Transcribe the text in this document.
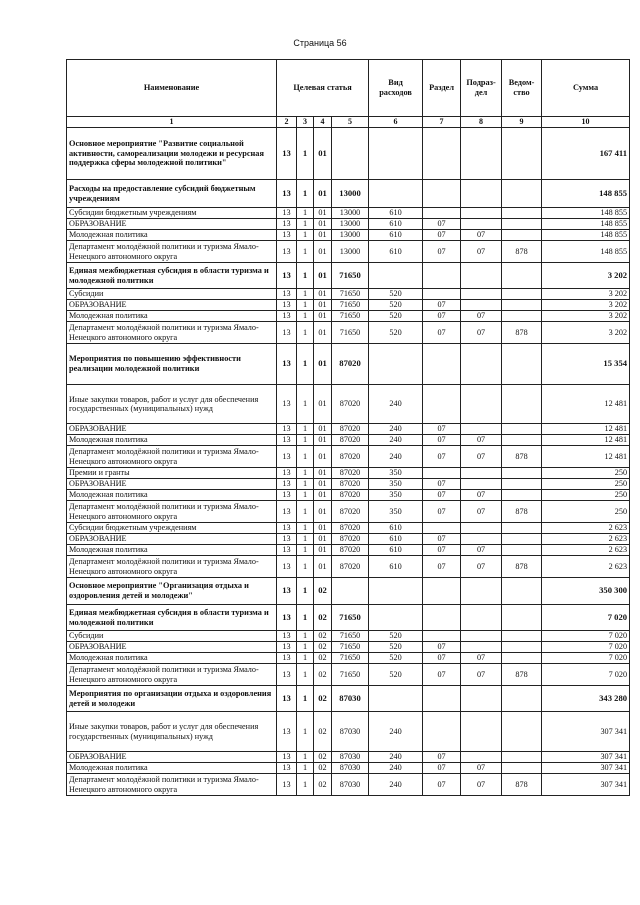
Страница 56
Наименование	Целевая статья				Вид расходов	Раздел	Подраз-дел	Ведом-ство	Сумма
1	2	3	4	5	6	7	8	9	10
Основное мероприятие "Развитие социальной активности, самореализации молодежи и ресурсная поддержка сферы молодежной политики"	13	1	01						167 411
Расходы на предоставление субсидий бюджетным учреждениям	13	1	01	13000					148 855
Субсидии бюджетным учреждениям	13	1	01	13000	610				148 855
ОБРАЗОВАНИЕ	13	1	01	13000	610	07			148 855
Молодежная политика	13	1	01	13000	610	07	07		148 855
Департамент молодёжной политики и туризма Ямало-Ненецкого автономного округа	13	1	01	13000	610	07	07	878	148 855
Единая межбюджетная субсидия в области туризма и молодежной политики	13	1	01	71650					3 202
Субсидии	13	1	01	71650	520				3 202
ОБРАЗОВАНИЕ	13	1	01	71650	520	07			3 202
Молодежная политика	13	1	01	71650	520	07	07		3 202
Департамент молодёжной политики и туризма Ямало-Ненецкого автономного округа	13	1	01	71650	520	07	07	878	3 202
Мероприятия по повышению эффективности реализации молодежной политики	13	1	01	87020					15 354
Иные закупки товаров, работ и услуг для обеспечения государственных (муниципальных) нужд	13	1	01	87020	240				12 481
ОБРАЗОВАНИЕ	13	1	01	87020	240	07			12 481
Молодежная политика	13	1	01	87020	240	07	07		12 481
Департамент молодёжной политики и туризма Ямало-Ненецкого автономного округа	13	1	01	87020	240	07	07	878	12 481
Премии и гранты	13	1	01	87020	350				250
ОБРАЗОВАНИЕ	13	1	01	87020	350	07			250
Молодежная политика	13	1	01	87020	350	07	07		250
Департамент молодёжной политики и туризма Ямало-Ненецкого автономного округа	13	1	01	87020	350	07	07	878	250
Субсидии бюджетным учреждениям	13	1	01	87020	610				2 623
ОБРАЗОВАНИЕ	13	1	01	87020	610	07			2 623
Молодежная политика	13	1	01	87020	610	07	07		2 623
Департамент молодёжной политики и туризма Ямало-Ненецкого автономного округа	13	1	01	87020	610	07	07	878	2 623
Основное мероприятие "Организация отдыха и оздоровления детей и молодежи"	13	1	02						350 300
Единая межбюджетная субсидия в области туризма и молодежной политики	13	1	02	71650					7 020
Субсидии	13	1	02	71650	520				7 020
ОБРАЗОВАНИЕ	13	1	02	71650	520	07			7 020
Молодежная политика	13	1	02	71650	520	07	07		7 020
Департамент молодёжной политики и туризма Ямало-Ненецкого автономного округа	13	1	02	71650	520	07	07	878	7 020
Мероприятия по организации отдыха и оздоровления детей и молодежи	13	1	02	87030					343 280
Иные закупки товаров, работ и услуг для обеспечения государственных (муниципальных) нужд	13	1	02	87030	240				307 341
ОБРАЗОВАНИЕ	13	1	02	87030	240	07			307 341
Молодежная политика	13	1	02	87030	240	07	07		307 341
Департамент молодёжной политики и туризма Ямало-Ненецкого автономного округа	13	1	02	87030	240	07	07	878	307 341
